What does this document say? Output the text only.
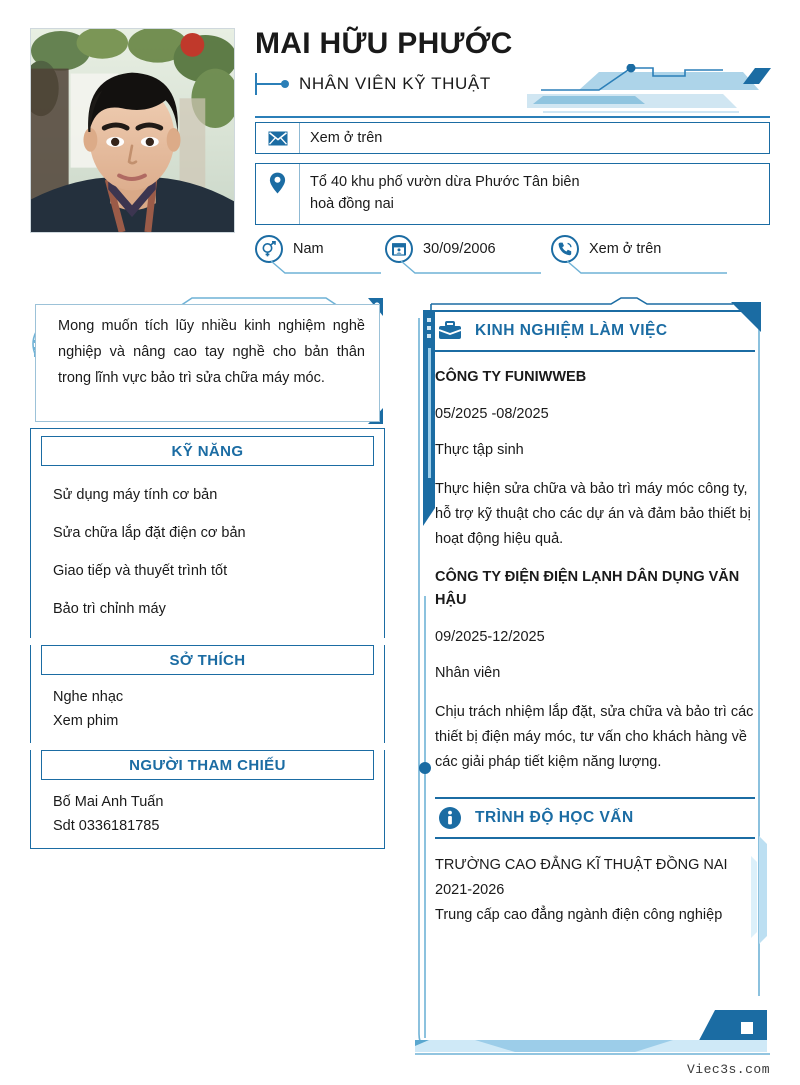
MAI HỮU PHƯỚC
NHÂN VIÊN KỸ THUẬT
Xem ở trên
Tổ 40 khu phố vườn dừa Phước Tân biên
hoà đồng nai
Nam	30/09/2006	Xem ở trên
Mong muốn tích lũy nhiều kinh nghiệm nghề nghiệp và nâng cao tay nghề cho bản thân trong lĩnh vực bảo trì sửa chữa máy móc.
KỸ NĂNG
Sử dụng máy tính cơ bản
Sửa chữa lắp đặt điện cơ bản
Giao tiếp và thuyết trình tốt
Bảo trì chỉnh máy
SỞ THÍCH
Nghe nhạc
Xem phim
NGƯỜI THAM CHIẾU
Bố Mai Anh Tuấn
Sdt 0336181785
KINH NGHIỆM LÀM VIỆC
CÔNG TY FUNIWWEB
05/2025 -08/2025
Thực tập sinh
Thực hiện sửa chữa và bảo trì máy móc công ty, hỗ trợ kỹ thuật cho các dự án và đảm bảo thiết bị hoạt động hiệu quả.
CÔNG TY ĐIỆN ĐIỆN LẠNH DÂN DỤNG VĂN HẬU
09/2025-12/2025
Nhân viên
Chịu trách nhiệm lắp đặt, sửa chữa và bảo trì các thiết bị điện máy móc, tư vấn cho khách hàng về các giải pháp tiết kiệm năng lượng.
TRÌNH ĐỘ HỌC VẤN
TRƯỜNG CAO ĐẲNG KĨ THUẬT ĐỒNG NAI
2021-2026
Trung cấp cao đẳng ngành điện công nghiệp
Viec3s.com
